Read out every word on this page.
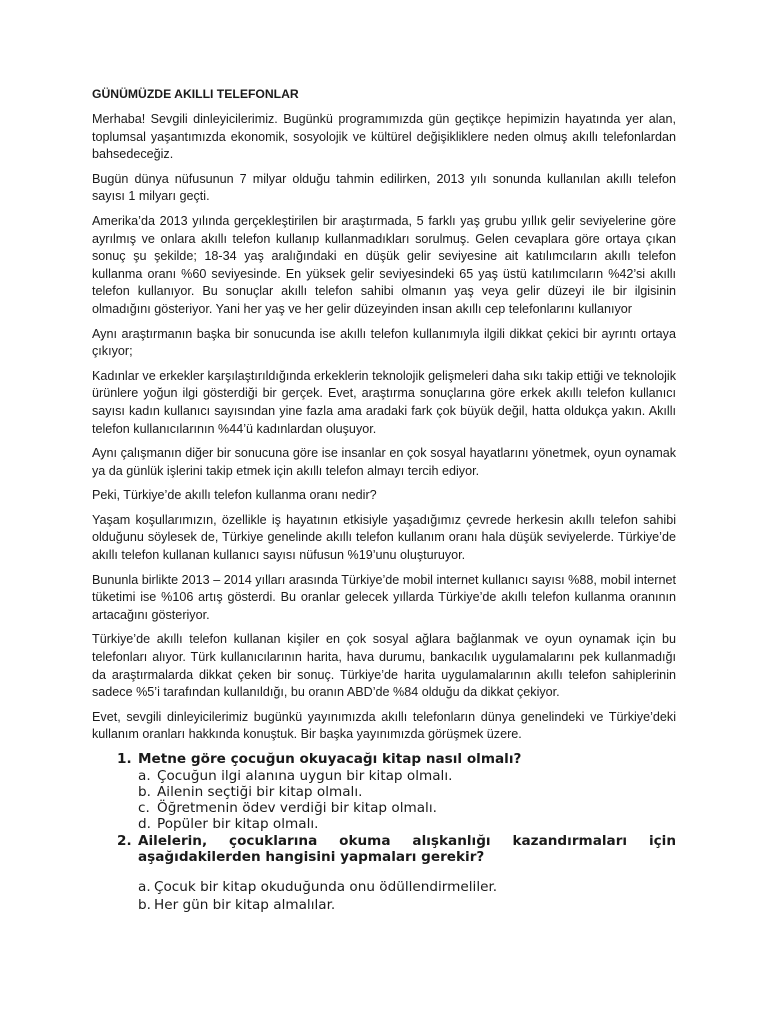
GÜNÜMÜZDE AKILLI TELEFONLAR

Merhaba! Sevgili dinleyicilerimiz. Bugünkü programımızda gün geçtikçe hepimizin hayatında yer alan, toplumsal yaşantımızda ekonomik, sosyolojik ve kültürel değişikliklere neden olmuş akıllı telefonlardan bahsedeceğiz.

Bugün dünya nüfusunun 7 milyar olduğu tahmin edilirken, 2013 yılı sonunda kullanılan akıllı telefon sayısı 1 milyarı geçti.

Amerika’da 2013 yılında gerçekleştirilen bir araştırmada, 5 farklı yaş grubu yıllık gelir seviyelerine göre ayrılmış ve onlara akıllı telefon kullanıp kullanmadıkları sorulmuş. Gelen cevaplara göre ortaya çıkan sonuç şu şekilde; 18-34 yaş aralığındaki en düşük gelir seviyesine ait katılımcıların akıllı telefon kullanma oranı %60 seviyesinde. En yüksek gelir seviyesindeki 65 yaş üstü katılımcıların %42’si akıllı telefon kullanıyor. Bu sonuçlar akıllı telefon sahibi olmanın yaş veya gelir düzeyi ile bir ilgisinin olmadığını gösteriyor. Yani her yaş ve her gelir düzeyinden insan akıllı cep telefonlarını kullanıyor

Aynı araştırmanın başka bir sonucunda ise akıllı telefon kullanımıyla ilgili dikkat çekici bir ayrıntı ortaya çıkıyor;

Kadınlar ve erkekler karşılaştırıldığında erkeklerin teknolojik gelişmeleri daha sıkı takip ettiği ve teknolojik ürünlere yoğun ilgi gösterdiği bir gerçek. Evet, araştırma sonuçlarına göre erkek akıllı telefon kullanıcı sayısı kadın kullanıcı sayısından yine fazla ama aradaki fark çok büyük değil, hatta oldukça yakın. Akıllı telefon kullanıcılarının %44’ü kadınlardan oluşuyor.

Aynı çalışmanın diğer bir sonucuna göre ise insanlar en çok sosyal hayatlarını yönetmek, oyun oynamak ya da günlük işlerini takip etmek için akıllı telefon almayı tercih ediyor.

Peki, Türkiye’de akıllı telefon kullanma oranı nedir?

Yaşam koşullarımızın, özellikle iş hayatının etkisiyle yaşadığımız çevrede herkesin akıllı telefon sahibi olduğunu söylesek de, Türkiye genelinde akıllı telefon kullanım oranı hala düşük seviyelerde. Türkiye’de akıllı telefon kullanan kullanıcı sayısı nüfusun %19’unu oluşturuyor.

Bununla birlikte 2013 – 2014 yılları arasında Türkiye’de mobil internet kullanıcı sayısı %88, mobil internet tüketimi ise %106 artış gösterdi. Bu oranlar gelecek yıllarda Türkiye’de akıllı telefon kullanma oranının artacağını gösteriyor.

Türkiye’de akıllı telefon kullanan kişiler en çok sosyal ağlara bağlanmak ve oyun oynamak için bu telefonları alıyor. Türk kullanıcılarının harita, hava durumu, bankacılık uygulamalarını pek kullanmadığı da araştırmalarda dikkat çeken bir sonuç. Türkiye’de harita uygulamalarının akıllı telefon sahiplerinin sadece %5’i tarafından kullanıldığı, bu oranın ABD’de %84 olduğu da dikkat çekiyor.

Evet, sevgili dinleyicilerimiz bugünkü yayınımızda akıllı telefonların dünya genelindeki ve Türkiye’deki kullanım oranları hakkında konuştuk. Bir başka yayınımızda görüşmek üzere.

1. Metne göre çocuğun okuyacağı kitap nasıl olmalı?
a. Çocuğun ilgi alanına uygun bir kitap olmalı.
b. Ailenin seçtiği bir kitap olmalı.
c. Öğretmenin ödev verdiği bir kitap olmalı.
d. Popüler bir kitap olmalı.
2. Ailelerin, çocuklarına okuma alışkanlığı kazandırmaları için aşağıdakilerden hangisini yapmaları gerekir?
a. Çocuk bir kitap okuduğunda onu ödüllendirmeliler.
b. Her gün bir kitap almalılar.
